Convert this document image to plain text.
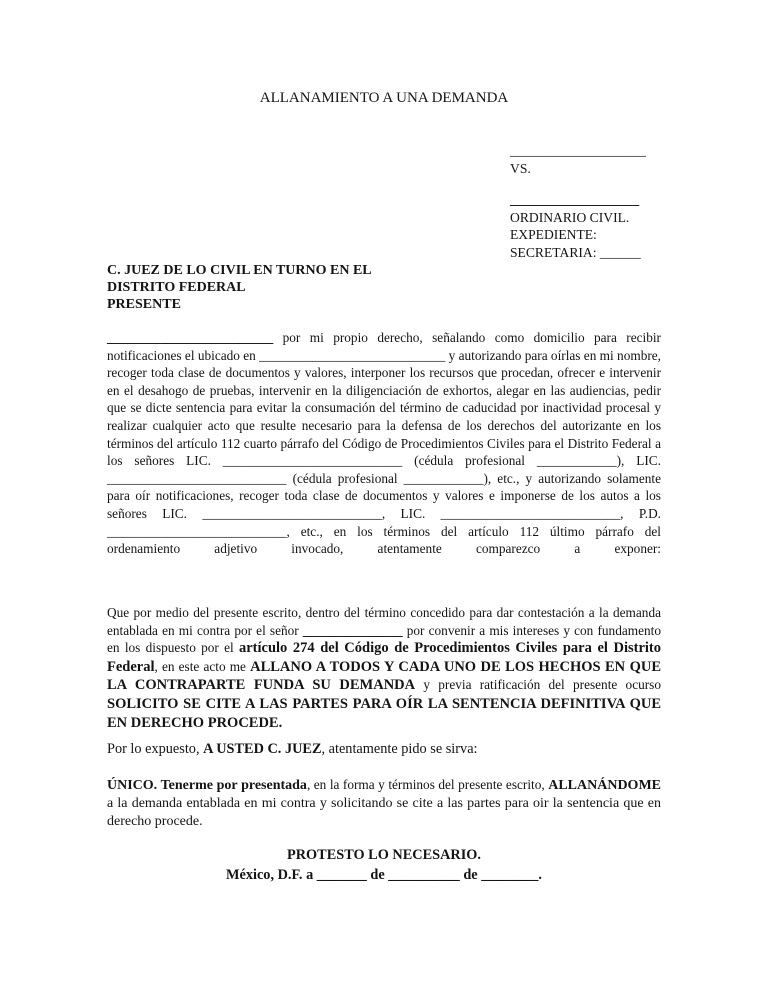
ALLANAMIENTO A UNA DEMANDA
____________________
VS.
___________________
ORDINARIO CIVIL.
EXPEDIENTE:
SECRETARIA: ______
C. JUEZ DE LO CIVIL EN TURNO EN EL
DISTRITO FEDERAL
PRESENTE
_________________________ por mi propio derecho, señalando como domicilio para recibir notificaciones el ubicado en ____________________________ y autorizando para oírlas en mi nombre, recoger toda clase de documentos y valores, interponer los recursos que procedan, ofrecer e intervenir en el desahogo de pruebas, intervenir en la diligenciación de exhortos, alegar en las audiencias, pedir que se dicte sentencia para evitar la consumación del término de caducidad por inactividad procesal y realizar cualquier acto que resulte necesario para la defensa de los derechos del autorizante en los términos del artículo 112 cuarto párrafo del Código de Procedimientos Civiles para el Distrito Federal a los señores LIC. ___________________________ (cédula profesional ____________), LIC. ___________________________ (cédula profesional ____________), etc., y autorizando solamente para oír notificaciones, recoger toda clase de documentos y valores e imponerse de los autos a los señores LIC. ___________________________, LIC. ___________________________, P.D. ___________________________, etc., en los términos del artículo 112 último párrafo del ordenamiento adjetivo invocado, atentamente comparezco a exponer:
Que por medio del presente escrito, dentro del término concedido para dar contestación a la demanda entablada en mi contra por el señor _______________ por convenir a mis intereses y con fundamento en los dispuesto por el artículo 274 del Código de Procedimientos Civiles para el Distrito Federal, en este acto me ALLANO A TODOS Y CADA UNO DE LOS HECHOS EN QUE LA CONTRAPARTE FUNDA SU DEMANDA y previa ratificación del presente ocurso SOLICITO SE CITE A LAS PARTES PARA OÍR LA SENTENCIA DEFINITIVA QUE EN DERECHO PROCEDE.
Por lo expuesto, A USTED C. JUEZ, atentamente pido se sirva:
ÚNICO. Tenerme por presentada, en la forma y términos del presente escrito, ALLANÁNDOME a la demanda entablada en mi contra y solicitando se cite a las partes para oir la sentencia que en derecho procede.
PROTESTO LO NECESARIO.
México, D.F. a _______ de __________ de ________.
